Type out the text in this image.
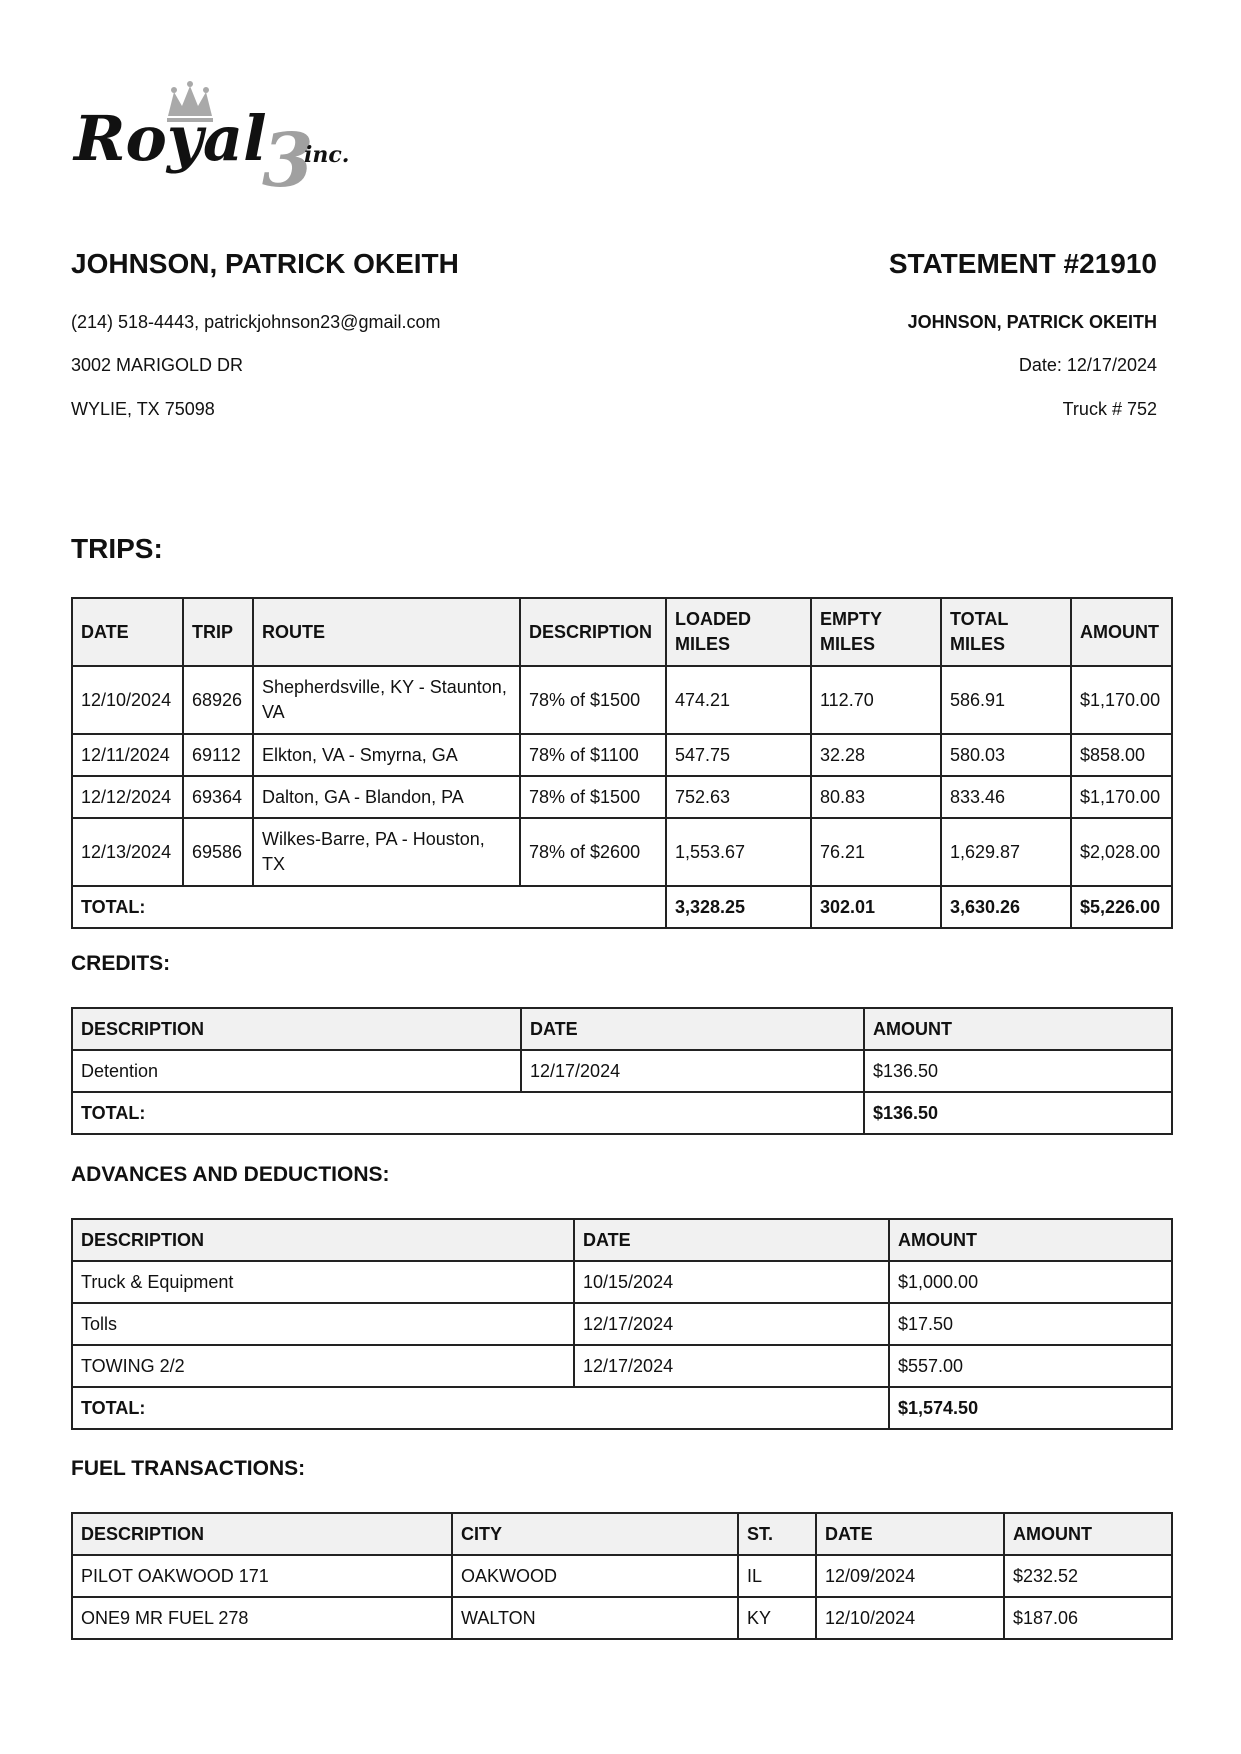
Royal
3
inc.
JOHNSON, PATRICK OKEITH
(214) 518-4443, patrickjohnson23@gmail.com
3002 MARIGOLD DR
WYLIE, TX 75098
STATEMENT #21910
JOHNSON, PATRICK OKEITH
Date: 12/17/2024
Truck # 752
TRIPS:
DATE	TRIP	ROUTE	DESCRIPTION	LOADED MILES	EMPTY MILES	TOTAL MILES	AMOUNT
12/10/2024	68926	Shepherdsville, KY - Staunton, VA	78% of $1500	474.21	112.70	586.91	$1,170.00
12/11/2024	69112	Elkton, VA - Smyrna, GA	78% of $1100	547.75	32.28	580.03	$858.00
12/12/2024	69364	Dalton, GA - Blandon, PA	78% of $1500	752.63	80.83	833.46	$1,170.00
12/13/2024	69586	Wilkes-Barre, PA - Houston, TX	78% of $2600	1,553.67	76.21	1,629.87	$2,028.00
TOTAL:				3,328.25	302.01	3,630.26	$5,226.00
CREDITS:
DESCRIPTION	DATE	AMOUNT
Detention	12/17/2024	$136.50
TOTAL:		$136.50
ADVANCES AND DEDUCTIONS:
DESCRIPTION	DATE	AMOUNT
Truck & Equipment	10/15/2024	$1,000.00
Tolls	12/17/2024	$17.50
TOWING 2/2	12/17/2024	$557.00
TOTAL:		$1,574.50
FUEL TRANSACTIONS:
DESCRIPTION	CITY	ST.	DATE	AMOUNT
PILOT OAKWOOD 171	OAKWOOD	IL	12/09/2024	$232.52
ONE9 MR FUEL 278	WALTON	KY	12/10/2024	$187.06
